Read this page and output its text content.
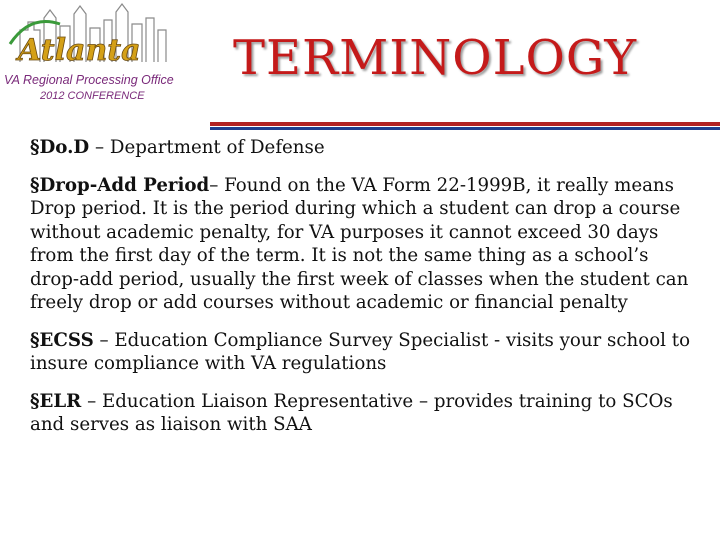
Atlanta
VA Regional Processing Office
2012 CONFERENCE
TERMINOLOGY
§Do.D – Department of Defense
§Drop-Add Period– Found on the VA Form 22-1999B, it really means Drop period. It is the period during which a student can drop a course without academic penalty, for VA purposes it cannot exceed 30 days from the first day of the term. It is not the same thing as a school’s drop-add period, usually the first week of classes when the student can freely drop or add courses without academic or financial penalty
§ECSS – Education Compliance Survey Specialist - visits your school to insure compliance with VA regulations
§ELR – Education Liaison Representative – provides training to SCOs and serves as liaison with SAA
